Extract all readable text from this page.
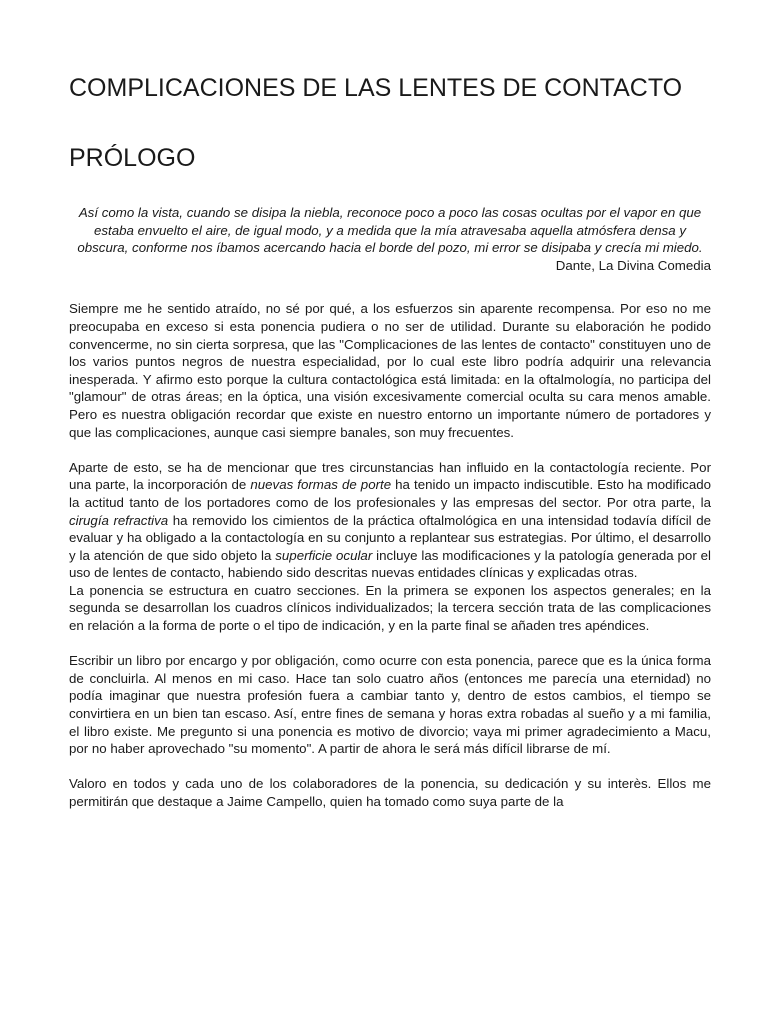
COMPLICACIONES DE LAS LENTES DE CONTACTO
PRÓLOGO

Así como la vista, cuando se disipa la niebla, reconoce poco a poco las cosas ocultas por el vapor en que estaba envuelto el aire, de igual modo, y a medida que la mía atravesaba aquella atmósfera densa y obscura, conforme nos íbamos acercando hacia el borde del pozo, mi error se disipaba y crecía mi miedo.

Dante, La Divina Comedia

Siempre me he sentido atraído, no sé por qué, a los esfuerzos sin aparente recompensa. Por eso no me preocupaba en exceso si esta ponencia pudiera o no ser de utilidad. Durante su elaboración he podido convencerme, no sin cierta sorpresa, que las "Complicaciones de las lentes de contacto" constituyen uno de los varios puntos negros de nuestra especialidad, por lo cual este libro podría adquirir una relevancia inesperada. Y afirmo esto porque la cultura contactológica está limitada: en la oftalmología, no participa del "glamour" de otras áreas; en la óptica, una visión excesivamente comercial oculta su cara menos amable. Pero es nuestra obligación recordar que existe en nuestro entorno un importante número de portadores y que las complicaciones, aunque casi siempre banales, son muy frecuentes.

Aparte de esto, se ha de mencionar que tres circunstancias han influido en la contactología reciente. Por una parte, la incorporación de nuevas formas de porte ha tenido un impacto indiscutible. Esto ha modificado la actitud tanto de los portadores como de los profesionales y las empresas del sector. Por otra parte, la cirugía refractiva ha removido los cimientos de la práctica oftalmológica en una intensidad todavía difícil de evaluar y ha obligado a la contactología en su conjunto a replantear sus estrategias. Por último, el desarrollo y la atención de que sido objeto la superficie ocular incluye las modificaciones y la patología generada por el uso de lentes de contacto, habiendo sido descritas nuevas entidades clínicas y explicadas otras.

La ponencia se estructura en cuatro secciones. En la primera se exponen los aspectos generales; en la segunda se desarrollan los cuadros clínicos individualizados; la tercera sección trata de las complicaciones en relación a la forma de porte o el tipo de indicación, y en la parte final se añaden tres apéndices.

Escribir un libro por encargo y por obligación, como ocurre con esta ponencia, parece que es la única forma de concluirla. Al menos en mi caso. Hace tan solo cuatro años (entonces me parecía una eternidad) no podía imaginar que nuestra profesión fuera a cambiar tanto y, dentro de estos cambios, el tiempo se convirtiera en un bien tan escaso. Así, entre fines de semana y horas extra robadas al sueño y a mi familia, el libro existe. Me pregunto si una ponencia es motivo de divorcio; vaya mi primer agradecimiento a Macu, por no haber aprovechado "su momento". A partir de ahora le será más difícil librarse de mí.

Valoro en todos y cada uno de los colaboradores de la ponencia, su dedicación y su interès. Ellos me permitirán que destaque a Jaime Campello, quien ha tomado como suya parte de la
